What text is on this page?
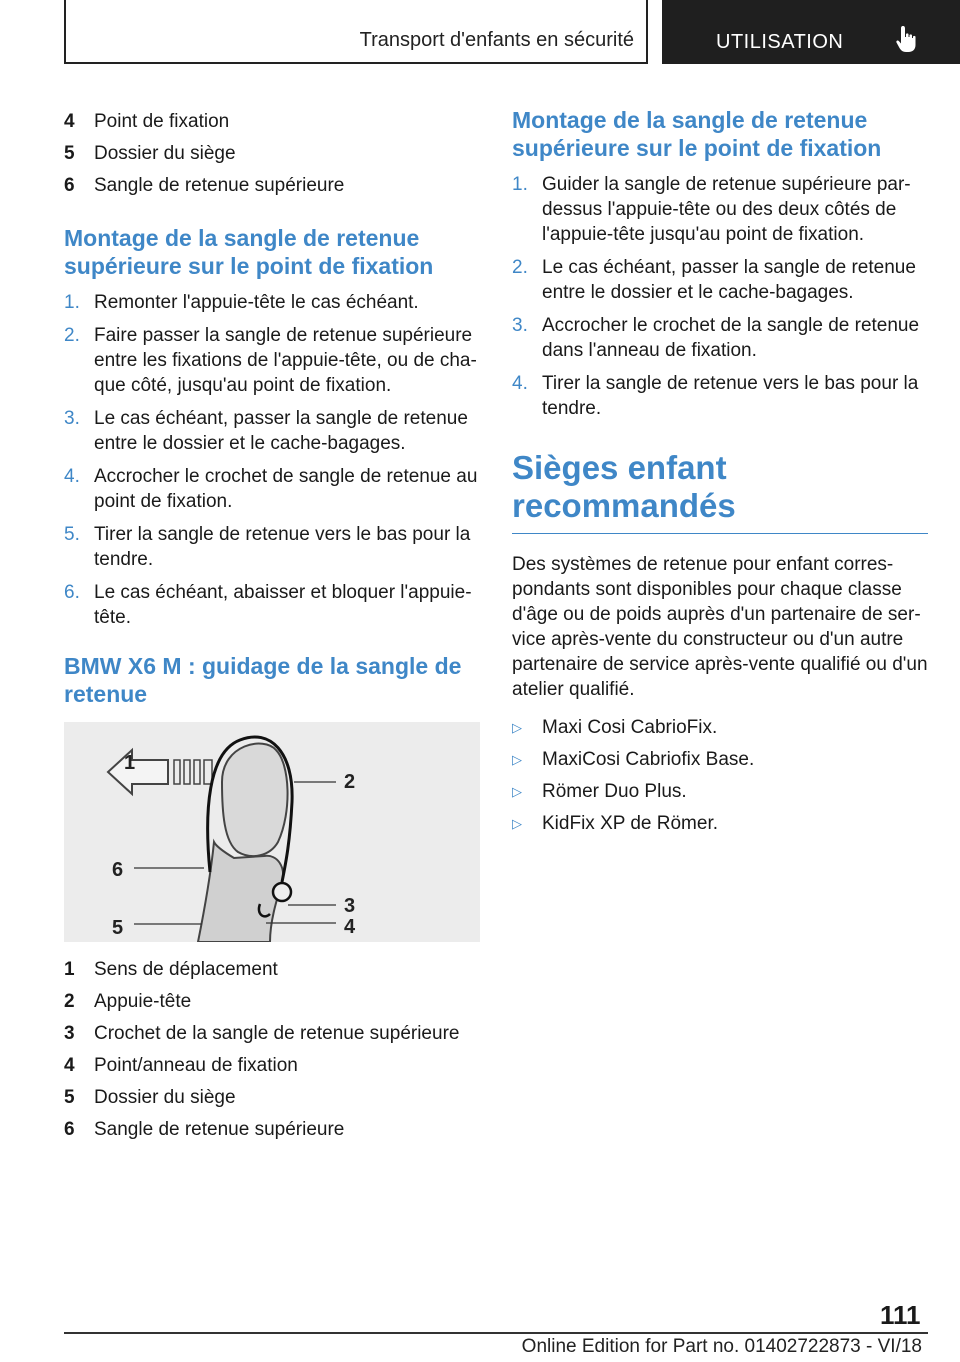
Transport d'enfants en sécurité	UTILISATION
4	Point de fixation
5	Dossier du siège
6	Sangle de retenue supérieure
Montage de la sangle de retenue supérieure sur le point de fixation
1. Remonter l'appuie-tête le cas échéant.
2. Faire passer la sangle de retenue supérieure entre les fixations de l'appuie-tête, ou de cha-que côté, jusqu'au point de fixation.
3. Le cas échéant, passer la sangle de retenue entre le dossier et le cache-bagages.
4. Accrocher le crochet de sangle de retenue au point de fixation.
5. Tirer la sangle de retenue vers le bas pour la tendre.
6. Le cas échéant, abaisser et bloquer l'appuie-tête.
BMW X6 M : guidage de la sangle de retenue
1
2
3
4
5
6
1	Sens de déplacement
2	Appuie-tête
3	Crochet de la sangle de retenue supérieure
4	Point/anneau de fixation
5	Dossier du siège
6	Sangle de retenue supérieure
Montage de la sangle de retenue supérieure sur le point de fixation
1. Guider la sangle de retenue supérieure par-dessus l'appuie-tête ou des deux côtés de l'appuie-tête jusqu'au point de fixation.
2. Le cas échéant, passer la sangle de retenue entre le dossier et le cache-bagages.
3. Accrocher le crochet de la sangle de retenue dans l'anneau de fixation.
4. Tirer la sangle de retenue vers le bas pour la tendre.
Sièges enfant recommandés

Des systèmes de retenue pour enfant corres-pondants sont disponibles pour chaque classe d'âge ou de poids auprès d'un partenaire de ser-vice après-vente du constructeur ou d'un autre partenaire de service après-vente qualifié ou d'un atelier qualifié.

▷	Maxi Cosi CabrioFix.
▷	MaxiCosi Cabriofix Base.
▷	Römer Duo Plus.
▷	KidFix XP de Römer.
111
Online Edition for Part no. 01402722873 - VI/18
